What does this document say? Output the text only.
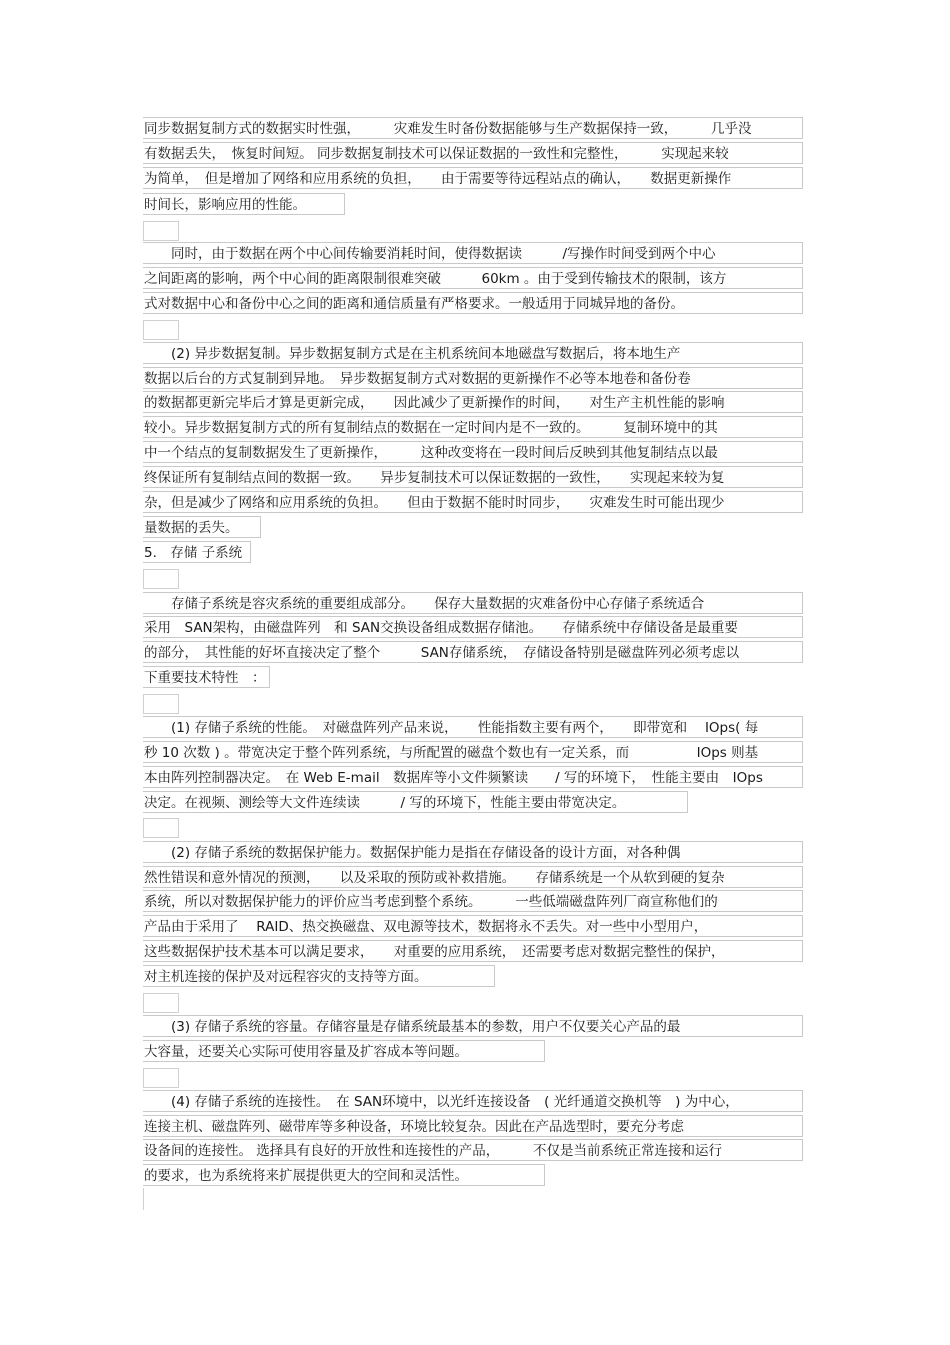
同步数据复制方式的数据实时性强，　　　灾难发生时备份数据能够与生产数据保持一致，　　　几乎没
有数据丢失，　恢复时间短。 同步数据复制技术可以保证数据的一致性和完整性，　　　实现起来较
为简单，　但是增加了网络和应用系统的负担，　　由于需要等待远程站点的确认，　　数据更新操作
时间长，影响应用的性能。
　　同时，由于数据在两个中心间传输要消耗时间，使得数据读　　　/写操作时间受到两个中心
之间距离的影响，两个中心间的距离限制很难突破　　　60km 。由于受到传输技术的限制，该方
式对数据中心和备份中心之间的距离和通信质量有严格要求。一般适用于同城异地的备份。
　　(2) 异步数据复制。异步数据复制方式是在主机系统间本地磁盘写数据后，将本地生产
数据以后台的方式复制到异地。　异步数据复制方式对数据的更新操作不必等本地卷和备份卷
的数据都更新完毕后才算是更新完成，　　因此减少了更新操作的时间，　　对生产主机性能的影响
较小。异步数据复制方式的所有复制结点的数据在一定时间内是不一致的。　　　复制环境中的其
中一个结点的复制数据发生了更新操作，　　　这种改变将在一段时间后反映到其他复制结点以最
终保证所有复制结点间的数据一致。　　异步复制技术可以保证数据的一致性，　　实现起来较为复
杂，但是减少了网络和应用系统的负担。　　但由于数据不能时时同步，　　灾难发生时可能出现少
量数据的丢失。
5.　存储 子系统
　　存储子系统是容灾系统的重要组成部分。　　保存大量数据的灾难备份中心存储子系统适合
采用　SAN架构，由磁盘阵列　和 SAN交换设备组成数据存储池。　　存储系统中存储设备是最重要
的部分，　其性能的好坏直接决定了整个　　　SAN存储系统，　存储设备特别是磁盘阵列必须考虑以
下重要技术特性　：
　　(1) 存储子系统的性能。　对磁盘阵列产品来说，　　性能指数主要有两个，　　即带宽和　 IOps( 每
秒 10 次数 ) 。带宽决定于整个阵列系统，与所配置的磁盘个数也有一定关系，而　　　　　IOps 则基
本由阵列控制器决定。　在 Web E-mail　数据库等小文件频繁读　　/ 写的环境下，　性能主要由　IOps
决定。在视频、测绘等大文件连续读　　　/ 写的环境下，性能主要由带宽决定。
　　(2) 存储子系统的数据保护能力。数据保护能力是指在存储设备的设计方面，对各种偶
然性错误和意外情况的预测，　　以及采取的预防或补救措施。　　存储系统是一个从软到硬的复杂
系统，所以对数据保护能力的评价应当考虑到整个系统。　　　一些低端磁盘阵列厂商宣称他们的
产品由于采用了　 RAID、热交换磁盘、双电源等技术，数据将永不丢失。对一些中小型用户，
这些数据保护技术基本可以满足要求，　　对重要的应用系统，　还需要考虑对数据完整性的保护，
对主机连接的保护及对远程容灾的支持等方面。
　　(3) 存储子系统的容量。存储容量是存储系统最基本的参数，用户不仅要关心产品的最
大容量，还要关心实际可使用容量及扩容成本等问题。
　　(4) 存储子系统的连接性。　在 SAN环境中，以光纤连接设备　( 光纤通道交换机等　) 为中心，
连接主机、磁盘阵列、磁带库等多种设备，环境比较复杂。因此在产品选型时，要充分考虑
设备间的连接性。 选择具有良好的开放性和连接性的产品，　　　不仅是当前系统正常连接和运行
的要求，也为系统将来扩展提供更大的空间和灵活性。
